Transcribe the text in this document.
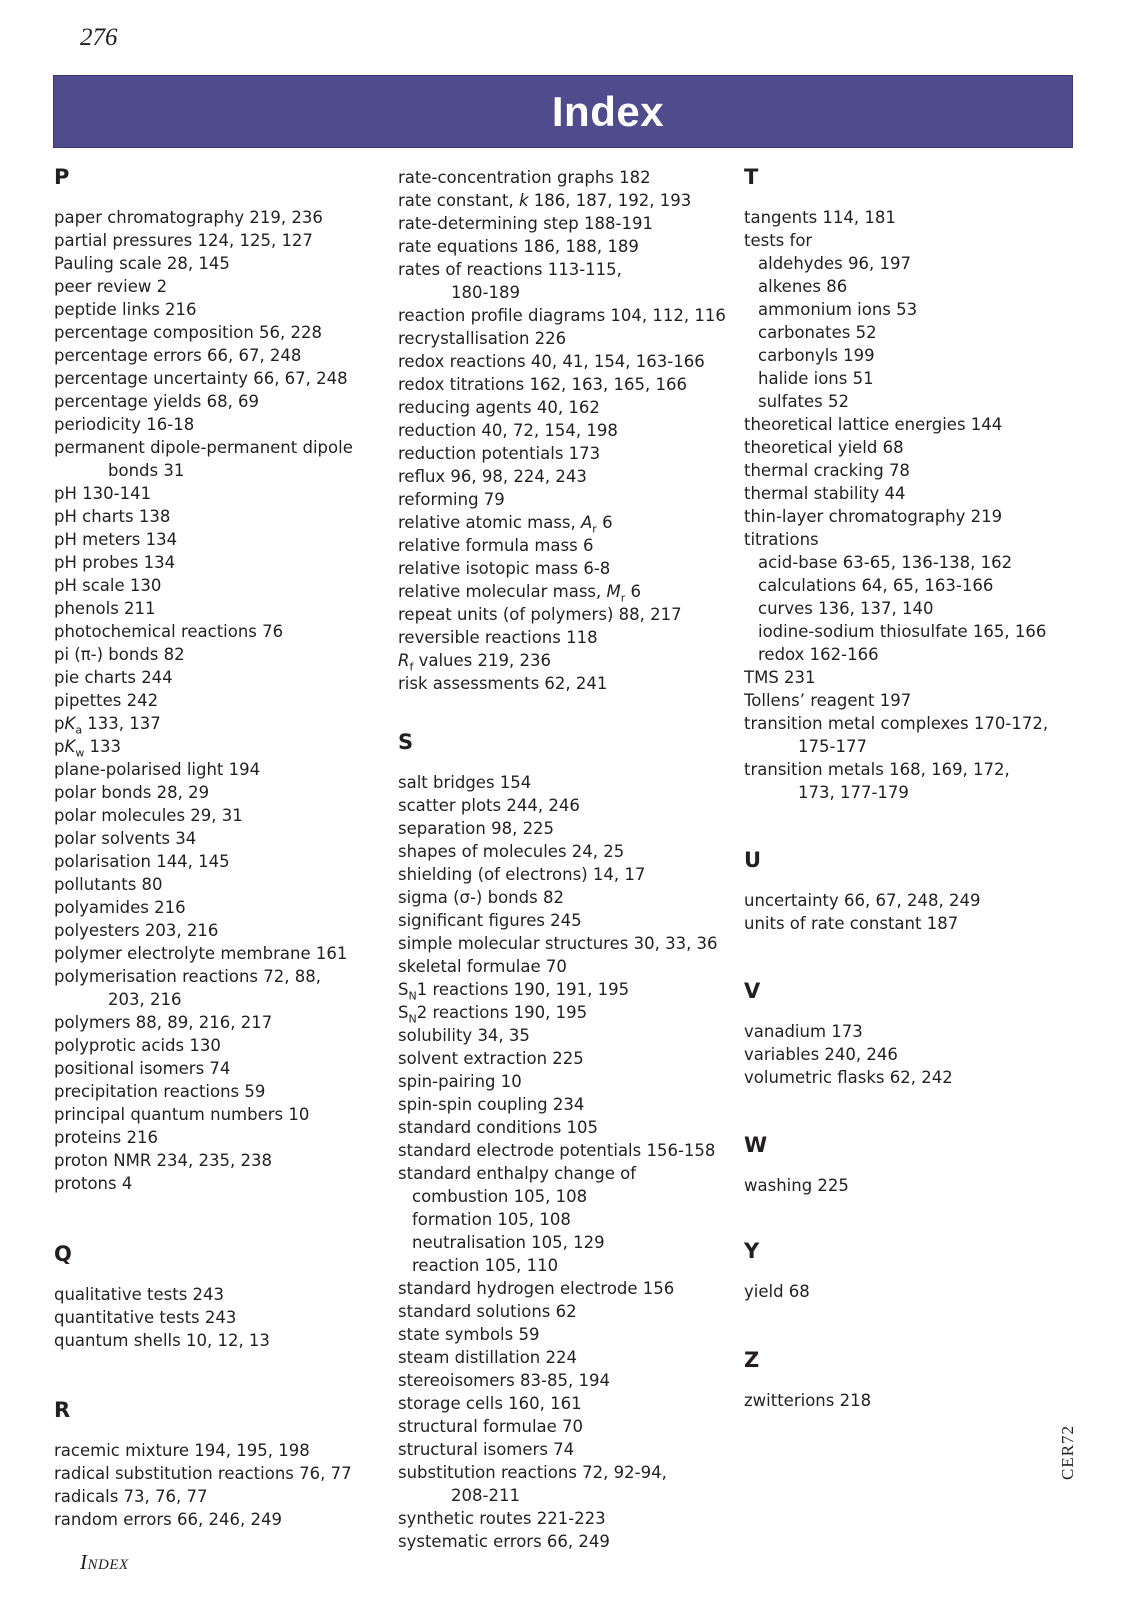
276
Index
P
paper chromatography 219, 236
partial pressures 124, 125, 127
Pauling scale 28, 145
peer review 2
peptide links 216
percentage composition 56, 228
percentage errors 66, 67, 248
percentage uncertainty 66, 67, 248
percentage yields 68, 69
periodicity 16-18
permanent dipole-permanent dipole
bonds 31
pH 130-141
pH charts 138
pH meters 134
pH probes 134
pH scale 130
phenols 211
photochemical reactions 76
pi (π-) bonds 82
pie charts 244
pipettes 242
$pK_a$ 133, 137
$pK_w$ 133
plane-polarised light 194
polar bonds 28, 29
polar molecules 29, 31
polar solvents 34
polarisation 144, 145
pollutants 80
polyamides 216
polyesters 203, 216
polymer electrolyte membrane 161
polymerisation reactions 72, 88,
203, 216
polymers 88, 89, 216, 217
polyprotic acids 130
positional isomers 74
precipitation reactions 59
principal quantum numbers 10
proteins 216
proton NMR 234, 235, 238
protons 4
Q
qualitative tests 243
quantitative tests 243
quantum shells 10, 12, 13
R
racemic mixture 194, 195, 198
radical substitution reactions 76, 77
radicals 73, 76, 77
random errors 66, 246, 249
rate-concentration graphs 182
rate constant, k 186, 187, 192, 193
rate-determining step 188-191
rate equations 186, 188, 189
rates of reactions 113-115,
180-189
reaction profile diagrams 104, 112, 116
recrystallisation 226
redox reactions 40, 41, 154, 163-166
redox titrations 162, 163, 165, 166
reducing agents 40, 162
reduction 40, 72, 154, 198
reduction potentials 173
reflux 96, 98, 224, 243
reforming 79
relative atomic mass, $A_r$ 6
relative formula mass 6
relative isotopic mass 6-8
relative molecular mass, $M_r$ 6
repeat units (of polymers) 88, 217
reversible reactions 118
$R_f$ values 219, 236
risk assessments 62, 241
S
salt bridges 154
scatter plots 244, 246
separation 98, 225
shapes of molecules 24, 25
shielding (of electrons) 14, 17
sigma (σ-) bonds 82
significant figures 245
simple molecular structures 30, 33, 36
skeletal formulae 70
$S_N1$ reactions 190, 191, 195
$S_N2$ reactions 190, 195
solubility 34, 35
solvent extraction 225
spin-pairing 10
spin-spin coupling 234
standard conditions 105
standard electrode potentials 156-158
standard enthalpy change of
combustion 105, 108
formation 105, 108
neutralisation 105, 129
reaction 105, 110
standard hydrogen electrode 156
standard solutions 62
state symbols 59
steam distillation 224
stereoisomers 83-85, 194
storage cells 160, 161
structural formulae 70
structural isomers 74
substitution reactions 72, 92-94,
208-211
synthetic routes 221-223
systematic errors 66, 249
T
tangents 114, 181
tests for
aldehydes 96, 197
alkenes 86
ammonium ions 53
carbonates 52
carbonyls 199
halide ions 51
sulfates 52
theoretical lattice energies 144
theoretical yield 68
thermal cracking 78
thermal stability 44
thin-layer chromatography 219
titrations
acid-base 63-65, 136-138, 162
calculations 64, 65, 163-166
curves 136, 137, 140
iodine-sodium thiosulfate 165, 166
redox 162-166
TMS 231
Tollens’ reagent 197
transition metal complexes 170-172,
175-177
transition metals 168, 169, 172,
173, 177-179
U
uncertainty 66, 67, 248, 249
units of rate constant 187
V
vanadium 173
variables 240, 246
volumetric flasks 62, 242
W
washing 225
Y
yield 68
Z
zwitterions 218
INDEX
CER72
